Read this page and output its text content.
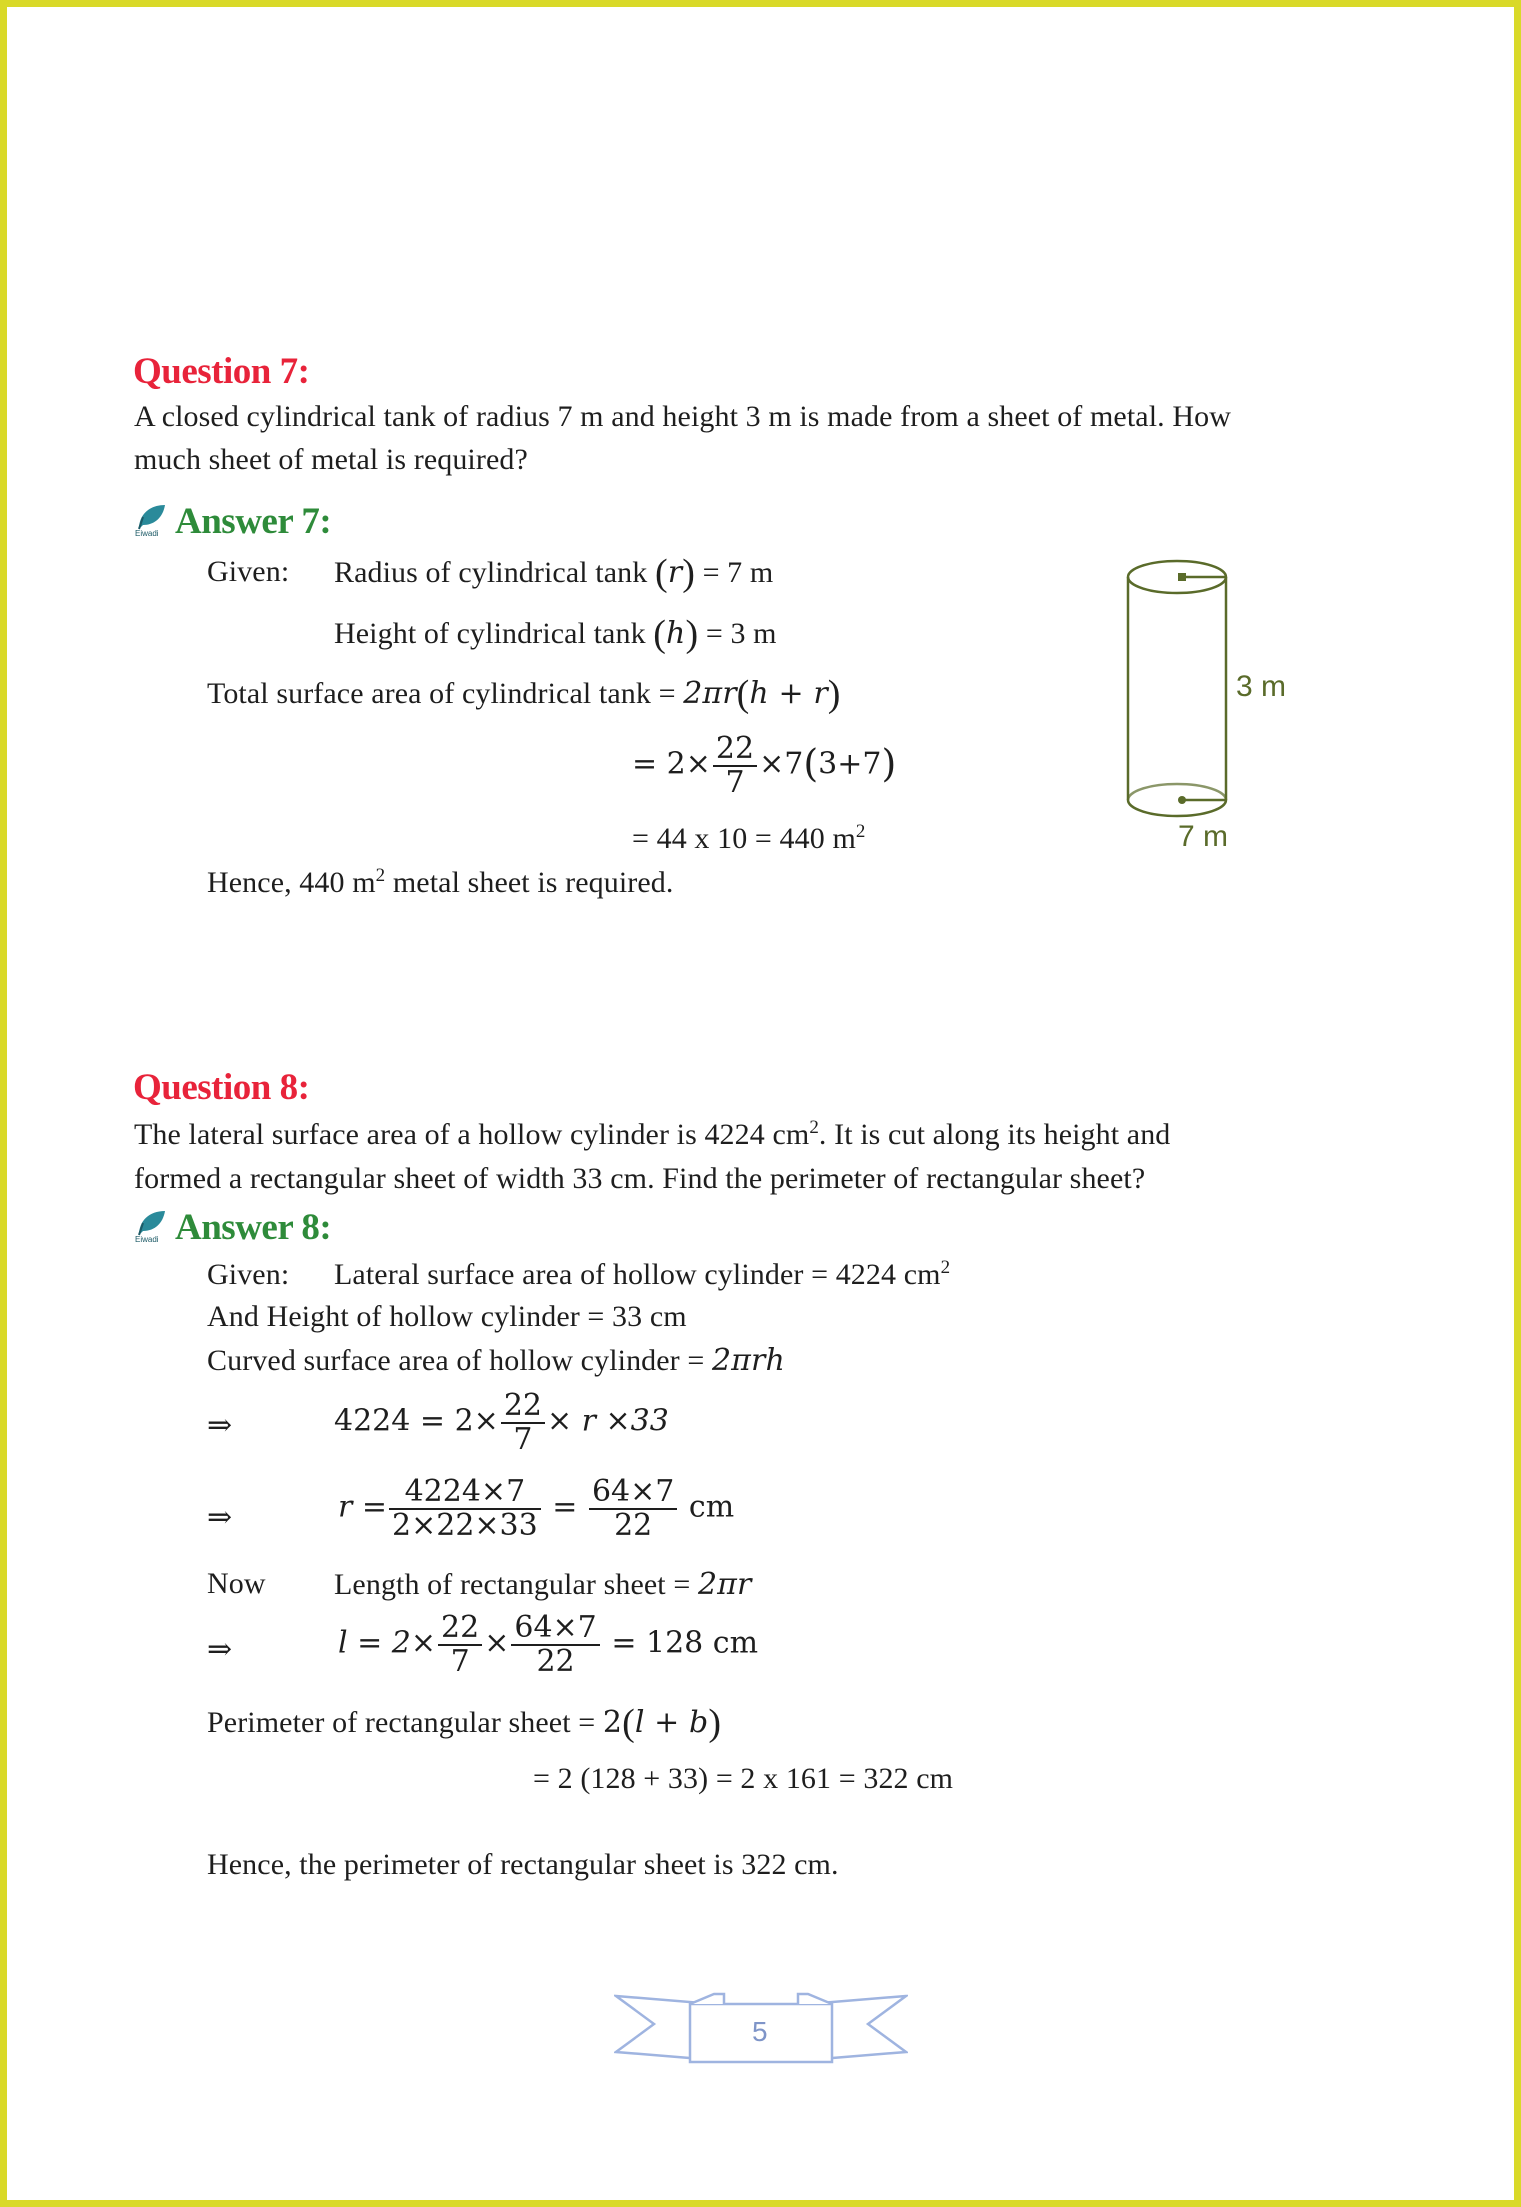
Question 7:
A closed cylindrical tank of radius 7 m and height 3 m is made from a sheet of metal. How
much sheet of metal is required?
Eiwadi Answer 7:
Given: Radius of cylindrical tank (r) = 7 m
Height of cylindrical tank (h) = 3 m
Total surface area of cylindrical tank = 2πr(h + r)
= $2\times \frac{22}{7} \times 7(3+7)$
= 44 x 10 = 440 $m^2$
Hence, 440 $m^2$ metal sheet is required.
3 m
7 m
Question 8:
The lateral surface area of a hollow cylinder is 4224 $cm^2$. It is cut along its height and
formed a rectangular sheet of width 33 cm. Find the perimeter of rectangular sheet?
Eiwadi Answer 8:
Given: Lateral surface area of hollow cylinder = 4224 $cm^2$
And Height of hollow cylinder = 33 cm
Curved surface area of hollow cylinder = 2πrh
⇒	$4224 = 2\times \frac{22}{7} \times r \times 33$
⇒	$r = \frac{4224\times 7}{2\times 22\times 33} = \frac{64\times 7}{22}$ cm
Now Length of rectangular sheet = 2πr
⇒	$l = 2\times \frac{22}{7} \times \frac{64\times 7}{22} = 128$ cm
Perimeter of rectangular sheet = 2(l + b)
= 2 (128 + 33) = 2 x 161 = 322 cm
Hence, the perimeter of rectangular sheet is 322 cm.
5
